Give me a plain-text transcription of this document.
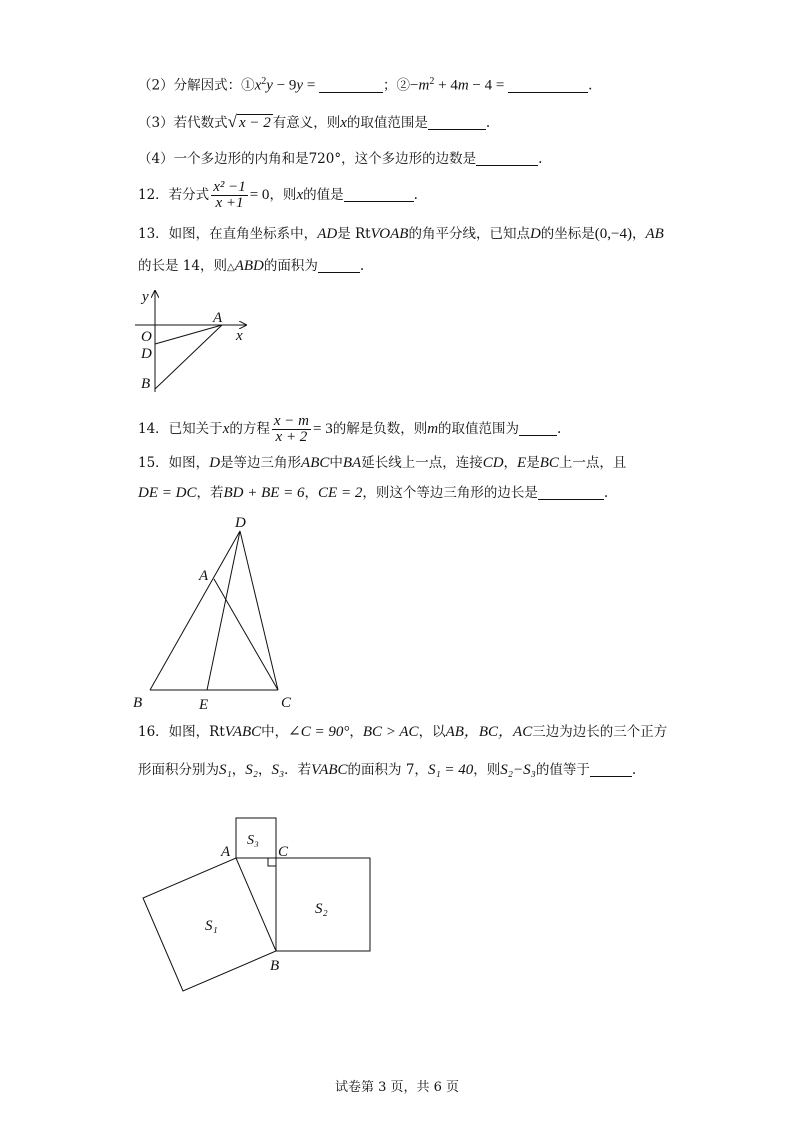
（2）分解因式：$①x^2y - 9y$ =	；$②-m^2 + 4m - 4$ =	.
（3）若代数式√ x − 2 有意义，则x的取值范围是	.
（4）一个多边形的内角和是720°，这个多边形的边数是	.
12．若分式 $\frac{\text{x² −1}}{x +1} = 0$，则x的值是	.
13．如图，在直角坐标系中，AD是 RtVOAB的角平分线，已知点D的坐标是(0,−4)，AB
的长是 14，则△ABD的面积为	.
14．已知关于x的方程 $\frac{x - m}{x + 2} = 3$的解是负数，则m的取值范围为	.
15．如图，D是等边三角形ABC中BA延长线上一点，连接CD，E是BC上一点，且
DE = DC，若BD + BE = 6，CE = 2，则这个等边三角形的边长是	.
16．如图，RtVABC中，∠C = 90°，BC > AC，以AB，BC，AC三边为边长的三个正方
形面积分别为S₁，S₂，S₃．若VABC的面积为 7，S₁ = 40，则S₂−S₃的值等于	.
y
x
O
A
D
B
D
A
B	E	C
S₃
A	C
S₁
S₂
B
试卷第 3 页，共 6 页
